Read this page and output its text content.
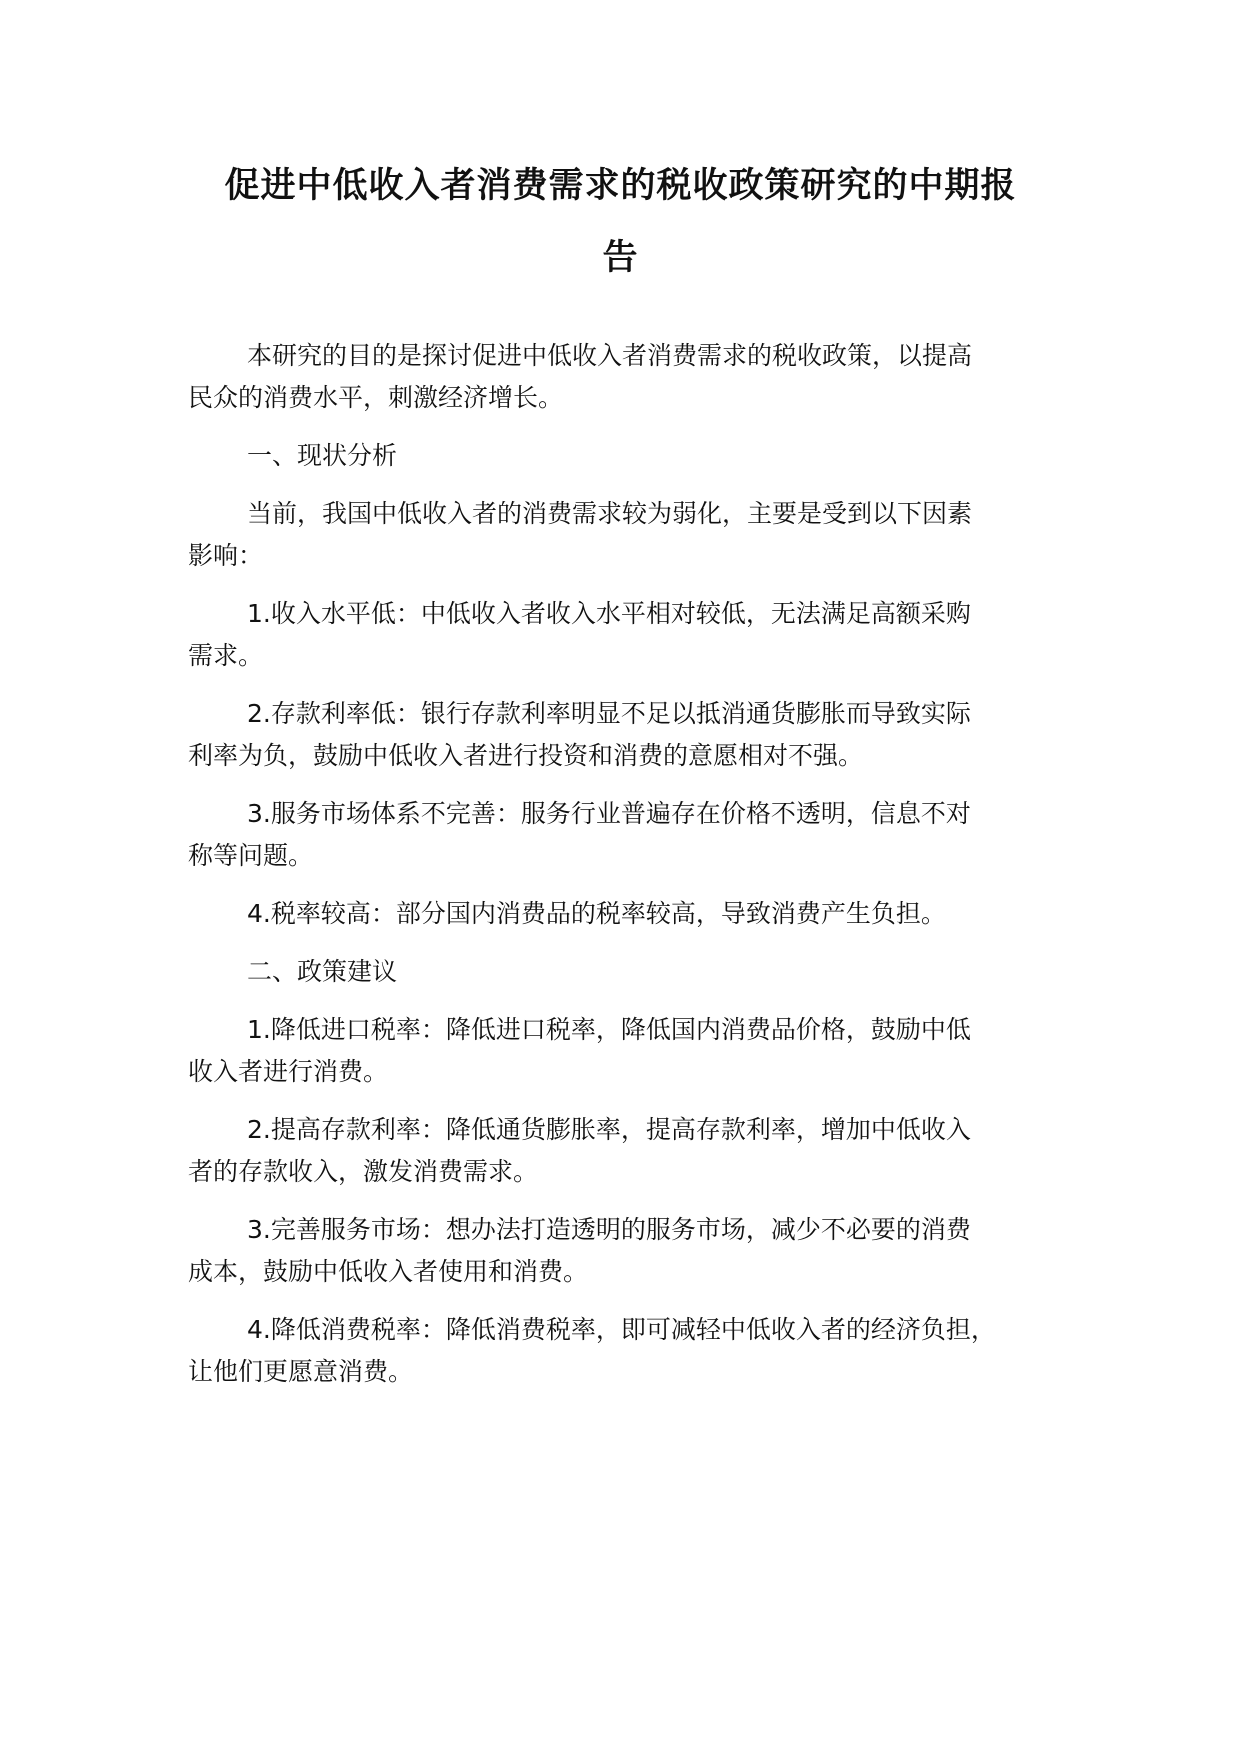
促进中低收入者消费需求的税收政策研究的中期报
告
本研究的目的是探讨促进中低收入者消费需求的税收政策，以提高
民众的消费水平，刺激经济增长。
一、现状分析
当前，我国中低收入者的消费需求较为弱化，主要是受到以下因素
影响：
1.收入水平低：中低收入者收入水平相对较低，无法满足高额采购
需求。
2.存款利率低：银行存款利率明显不足以抵消通货膨胀而导致实际
利率为负，鼓励中低收入者进行投资和消费的意愿相对不强。
3.服务市场体系不完善：服务行业普遍存在价格不透明，信息不对
称等问题。
4.税率较高：部分国内消费品的税率较高，导致消费产生负担。
二、政策建议
1.降低进口税率：降低进口税率，降低国内消费品价格，鼓励中低
收入者进行消费。
2.提高存款利率：降低通货膨胀率，提高存款利率，增加中低收入
者的存款收入，激发消费需求。
3.完善服务市场：想办法打造透明的服务市场，减少不必要的消费
成本，鼓励中低收入者使用和消费。
4.降低消费税率：降低消费税率，即可减轻中低收入者的经济负担，
让他们更愿意消费。
